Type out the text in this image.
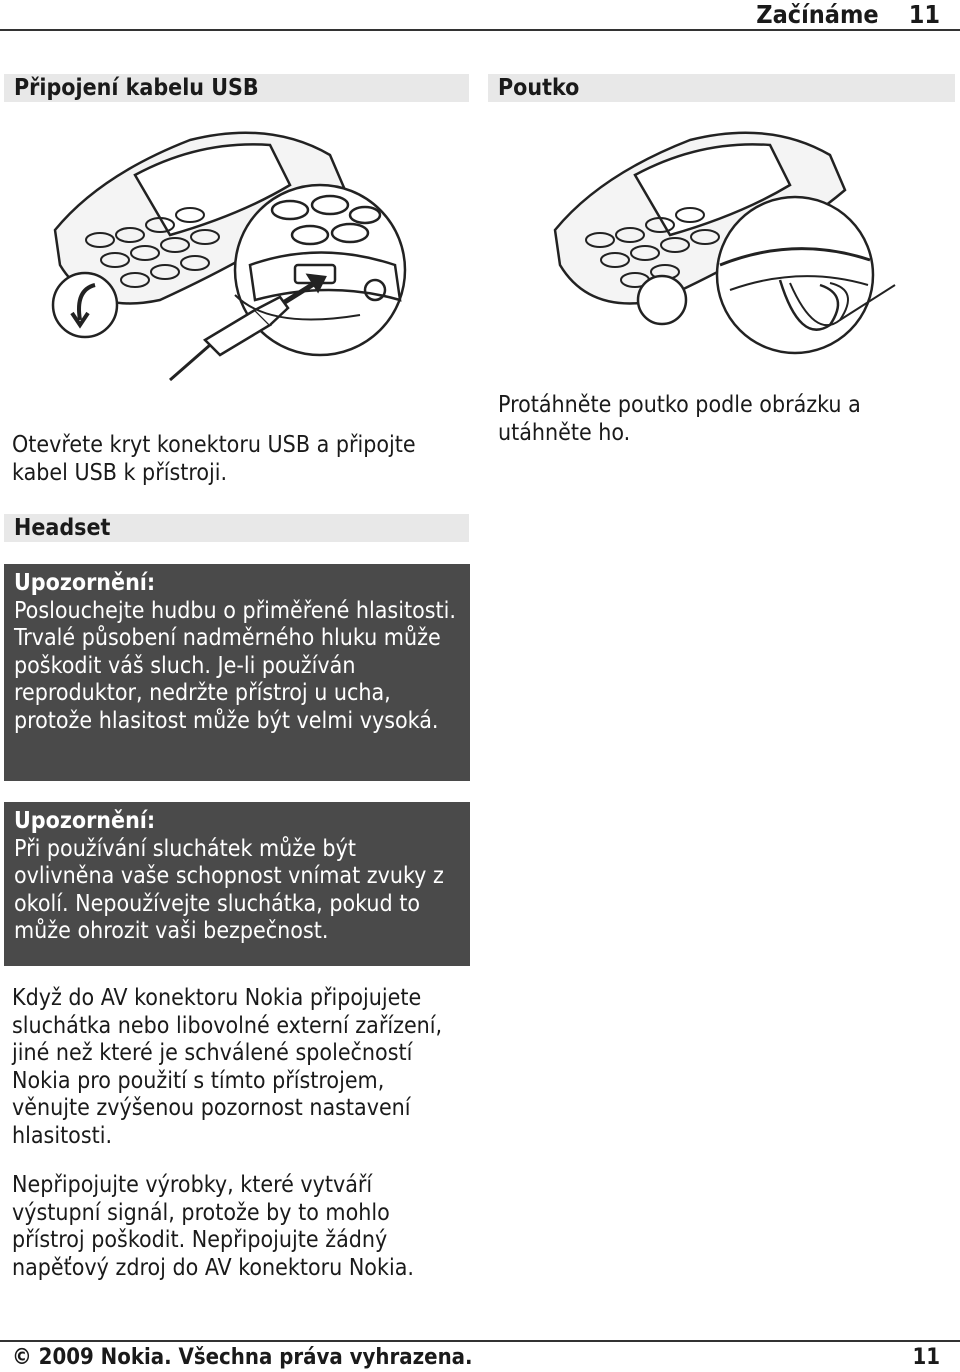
Začínáme 11
Připojení kabelu USB
Otevřete kryt konektoru USB a připojte kabel USB k přístroji.
Poutko
Protáhněte poutko podle obrázku a utáhněte ho.
Headset
Upozornění:
Poslouchejte hudbu o přiměřené hlasitosti. Trvalé působení nadměrného hluku může poškodit váš sluch. Je-li používán reproduktor, nedržte přístroj u ucha, protože hlasitost může být velmi vysoká.
Upozornění:
Při používání sluchátek může být ovlivněna vaše schopnost vnímat zvuky z okolí. Nepoužívejte sluchátka, pokud to může ohrozit vaši bezpečnost.
Když do AV konektoru Nokia připojujete sluchátka nebo libovolné externí zařízení, jiné než které je schválené společností Nokia pro použití s tímto přístrojem, věnujte zvýšenou pozornost nastavení hlasitosti.
Nepřipojujte výrobky, které vytváří výstupní signál, protože by to mohlo přístroj poškodit. Nepřipojujte žádný napěťový zdroj do AV konektoru Nokia.
© 2009 Nokia. Všechna práva vyhrazena.	11
